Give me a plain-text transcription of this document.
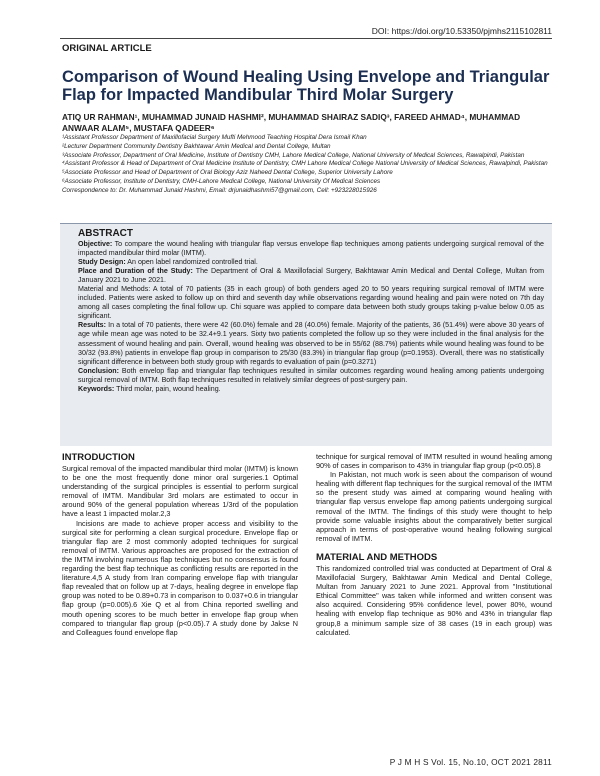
DOI: https://doi.org/10.53350/pjmhs2115102811
ORIGINAL ARTICLE
Comparison of Wound Healing Using Envelope and Triangular Flap for Impacted Mandibular Third Molar Surgery
ATIQ UR RAHMAN¹, MUHAMMAD JUNAID HASHMI², MUHAMMAD SHAIRAZ SADIQ³, FAREED AHMAD⁴, MUHAMMAD ANWAAR ALAM⁵, MUSTAFA QADEER⁶
¹Assistant Professor Department of Maxillofacial Surgery Mufti Mehmood Teaching Hospital Dera Ismail Khan
²Lecturer Department Community Dentistry Bakhtawar Amin Medical and Dental College, Multan
³Associate Professor, Department of Oral Medicine, Institute of Dentistry CMH, Lahore Medical College, National University of Medical Sciences, Rawalpindi, Pakistan
⁴Assistant Professor & Head of Department of Oral Medicine Institute of Dentistry, CMH Lahore Medical College National University of Medical Sciences, Rawalpindi, Pakistan
⁵Associate Professor and Head of Department of Oral Biology Aziz Naheed Dental College, Superior University Lahore
⁶Associate Professor, Institute of Dentistry, CMH-Lahore Medical College, National University Of Medical Sciences
Correspondence to: Dr. Muhammad Junaid Hashmi, Email: drjunaidhashmi57@gmail.com, Cell: +923228015926
ABSTRACT

Objective: To compare the wound healing with triangular flap versus envelope flap techniques among patients undergoing surgical removal of the impacted mandibular third molar (IMTM).

Study Design: An open label randomized controlled trial.

Place and Duration of the Study: The Department of Oral & Maxillofacial Surgery, Bakhtawar Amin Medical and Dental College, Multan from January 2021 to June 2021.

Material and Methods: A total of 70 patients (35 in each group) of both genders aged 20 to 50 years requiring surgical removal of IMTM were included. Patients were asked to follow up on third and seventh day while observations regarding wound healing and pain were noted on 7th day among all cases completing the final follow up. Chi square was applied to compare data between both study groups taking p-value below 0.05 as significant.

Results: In a total of 70 patients, there were 42 (60.0%) female and 28 (40.0%) female. Majority of the patients, 36 (51.4%) were above 30 years of age while mean age was noted to be 32.4+9.1 years. Sixty two patients completed the follow up so they were included in the final analysis for the assessment of wound healing and pain. Overall, wound healing was observed to be in 55/62 (88.7%) patients while wound healing was found to be 30/32 (93.8%) patients in envelope flap group in comparison to 25/30 (83.3%) in triangular flap group (p=0.1953). Overall, there was no statistically significant difference in between both study group with regards to evaluation of pain (p=0.3271)

Conclusion: Both envelop flap and triangular flap techniques resulted in similar outcomes regarding wound healing among patients undergoing surgical removal of IMTM. Both flap techniques resulted in relatively similar degrees of post-surgery pain.

Keywords: Third molar, pain, wound healing.

INTRODUCTION

Surgical removal of the impacted mandibular third molar (IMTM) is known to be one the most frequently done minor oral surgeries.1 Optimal understanding of the surgical principles is essential to perform surgical removal of IMTM. Mandibular 3rd molars are estimated to occur in around 90% of the general population whereas 1/3rd of the population have a least 1 impacted molar.2,3

Incisions are made to achieve proper access and visibility to the surgical site for performing a clean surgical procedure. Envelope flap or triangular flap are 2 most commonly adopted techniques for surgical removal of IMTM. Various approaches are proposed for the extraction of the IMTM involving numerous flap techniques but no consensus is found regarding the best flap technique as conflicting results are reported in the literature.4,5 A study from Iran comparing envelope flap with triangular flap revealed that on follow up at 7-days, healing degree in envelope flap group was noted to be 0.89+0.73 in comparison to 0.037+0.6 in triangular flap group (p=0.005).6 Xie Q et al from China reported swelling and mouth opening scores to be much better in envelope flap group when compared to triangular flap group (p<0.05).7 A study done by Jakse N and Colleagues found envelope flap

technique for surgical removal of IMTM resulted in wound healing among 90% of cases in comparison to 43% in triangular flap group (p<0.05).8

In Pakistan, not much work is seen about the comparison of wound healing with different flap techniques for the surgical removal of the IMTM so the present study was aimed at comparing wound healing with triangular flap versus envelope flap among patients undergoing surgical removal of the IMTM. The findings of this study were thought to help provide some valuable insights about the comparatively better surgical approach in terms of post-operative wound healing following surgical removal of IMTM.

MATERIAL AND METHODS

This randomized controlled trial was conducted at Department of Oral & Maxillofacial Surgery, Bakhtawar Amin Medical and Dental College, Multan from January 2021 to June 2021. Approval from "Institutional Ethical Committee" was taken while informed and written consent was also acquired. Considering 95% confidence level, power 80%, wound healing with envelop flap technique as 90% and 43% in triangular flap group,8 a minimum sample size of 38 cases (19 in each group) was calculated.

P J M H S Vol. 15, No.10, OCT 2021 2811
